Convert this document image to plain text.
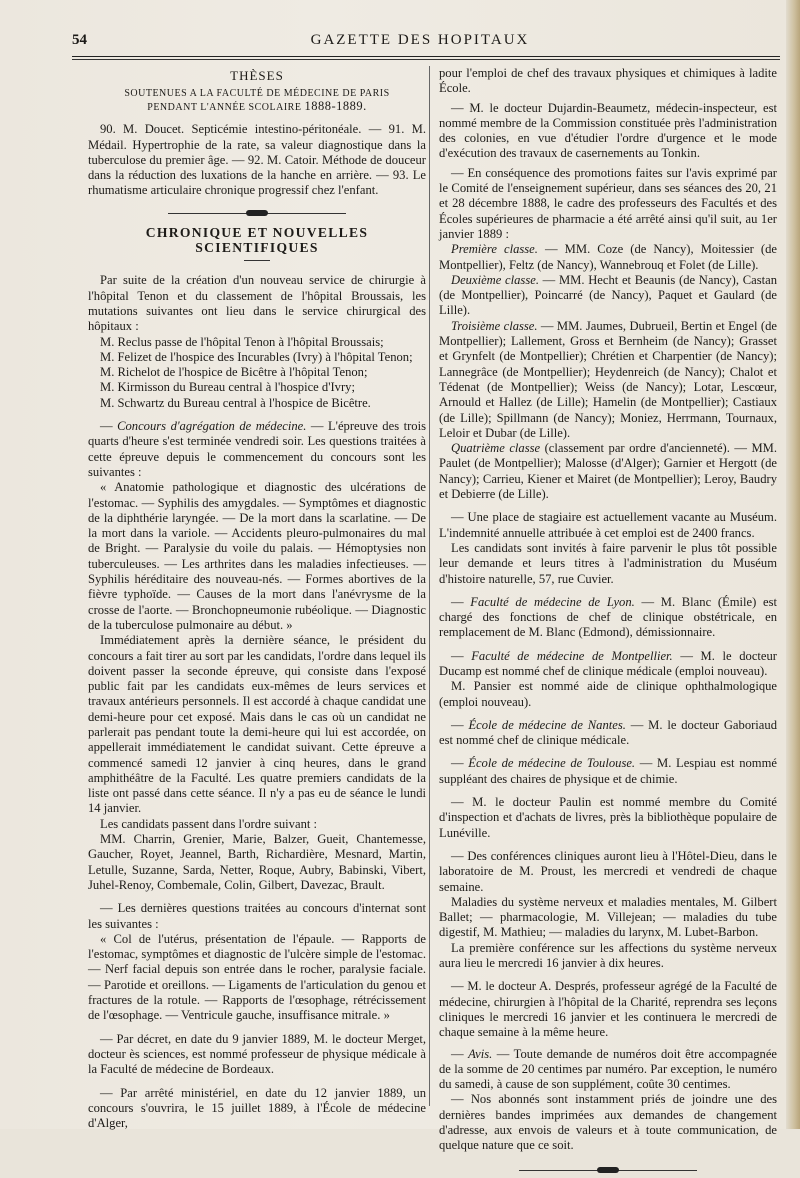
54	GAZETTE DES HOPITAUX
THÈSES
SOUTENUES A LA FACULTÉ DE MÉDECINE DE PARIS
PENDANT L'ANNÉE SCOLAIRE 1888-1889.

90. M. Doucet. Septicémie intestino-péritonéale. — 91. M. Médail. Hypertrophie de la rate, sa valeur diagnostique dans la tuberculose du premier âge. — 92. M. Catoir. Méthode de douceur dans la réduction des luxations de la hanche en arrière. — 93. Le rhumatisme articulaire chronique progressif chez l'enfant.

CHRONIQUE ET NOUVELLES SCIENTIFIQUES

Par suite de la création d'un nouveau service de chirurgie à l'hôpital Tenon et du classement de l'hôpital Broussais, les mutations suivantes ont lieu dans le service chirurgical des hôpitaux :

M. Reclus passe de l'hôpital Tenon à l'hôpital Broussais;

M. Felizet de l'hospice des Incurables (Ivry) à l'hôpital Tenon;

M. Richelot de l'hospice de Bicêtre à l'hôpital Tenon;

M. Kirmisson du Bureau central à l'hospice d'Ivry;

M. Schwartz du Bureau central à l'hospice de Bicêtre.

— Concours d'agrégation de médecine. — L'épreuve des trois quarts d'heure s'est terminée vendredi soir. Les questions traitées à cette épreuve depuis le commencement du concours sont les suivantes :

« Anatomie pathologique et diagnostic des ulcérations de l'estomac. — Syphilis des amygdales. — Symptômes et diagnostic de la diphthérie laryngée. — De la mort dans la scarlatine. — De la mort dans la variole. — Accidents pleuro-pulmonaires du mal de Bright. — Paralysie du voile du palais. — Hémoptysies non tuberculeuses. — Les arthrites dans les maladies infectieuses. — Syphilis héréditaire des nouveau-nés. — Formes abortives de la fièvre typhoïde. — Causes de la mort dans l'anévrysme de la crosse de l'aorte. — Bronchopneumonie rubéolique. — Diagnostic de la tuberculose pulmonaire au début. »

Immédiatement après la dernière séance, le président du concours a fait tirer au sort par les candidats, l'ordre dans lequel ils doivent passer la seconde épreuve, qui consiste dans l'exposé public fait par les candidats eux-mêmes de leurs services et travaux antérieurs personnels. Il est accordé à chaque candidat une demi-heure pour cet exposé. Mais dans le cas où un candidat ne parlerait pas pendant toute la demi-heure qui lui est accordée, on appellerait immédiatement le candidat suivant. Cette épreuve a commencé samedi 12 janvier à cinq heures, dans le grand amphithéâtre de la Faculté. Les quatre premiers candidats de la liste ont passé dans cette séance. Il n'y a pas eu de séance le lundi 14 janvier.

Les candidats passent dans l'ordre suivant :

MM. Charrin, Grenier, Marie, Balzer, Gueit, Chantemesse, Gaucher, Royet, Jeannel, Barth, Richardière, Mesnard, Martin, Letulle, Suzanne, Sarda, Netter, Roque, Aubry, Babinski, Vibert, Juhel-Renoy, Combemale, Colin, Gilbert, Davezac, Brault.

— Les dernières questions traitées au concours d'internat sont les suivantes :

« Col de l'utérus, présentation de l'épaule. — Rapports de l'estomac, symptômes et diagnostic de l'ulcère simple de l'estomac. — Nerf facial depuis son entrée dans le rocher, paralysie faciale. — Parotide et oreillons. — Ligaments de l'articulation du genou et fractures de la rotule. — Rapports de l'œsophage, rétrécissement de l'œsophage. — Ventricule gauche, insuffisance mitrale. »

— Par décret, en date du 9 janvier 1889, M. le docteur Merget, docteur ès sciences, est nommé professeur de physique médicale à la Faculté de médecine de Bordeaux.

— Par arrêté ministériel, en date du 12 janvier 1889, un concours s'ouvrira, le 15 juillet 1889, à l'École de médecine d'Alger,

pour l'emploi de chef des travaux physiques et chimiques à ladite École.

— M. le docteur Dujardin-Beaumetz, médecin-inspecteur, est nommé membre de la Commission constituée près l'administration des colonies, en vue d'étudier l'ordre d'urgence et le mode d'exécution des travaux de casernements au Tonkin.

— En conséquence des promotions faites sur l'avis exprimé par le Comité de l'enseignement supérieur, dans ses séances des 20, 21 et 28 décembre 1888, le cadre des professeurs des Facultés et des Écoles supérieures de pharmacie a été arrêté ainsi qu'il suit, au 1er janvier 1889 :

Première classe. — MM. Coze (de Nancy), Moitessier (de Montpellier), Feltz (de Nancy), Wannebrouq et Folet (de Lille).

Deuxième classe. — MM. Hecht et Beaunis (de Nancy), Castan (de Montpellier), Poincarré (de Nancy), Paquet et Gaulard (de Lille).

Troisième classe. — MM. Jaumes, Dubrueil, Bertin et Engel (de Montpellier); Lallement, Gross et Bernheim (de Nancy); Grasset et Grynfelt (de Montpellier); Chrétien et Charpentier (de Nancy); Lannegrâce (de Montpellier); Heydenreich (de Nancy); Chalot et Tédenat (de Montpellier); Weiss (de Nancy); Lotar, Lescœur, Arnould et Hallez (de Lille); Hamelin (de Montpellier); Castiaux (de Lille); Spillmann (de Nancy); Moniez, Herrmann, Tournaux, Leloir et Dubar (de Lille).

Quatrième classe (classement par ordre d'ancienneté). — MM. Paulet (de Montpellier); Malosse (d'Alger); Garnier et Hergott (de Nancy); Carrieu, Kiener et Mairet (de Montpellier); Leroy, Baudry et Debierre (de Lille).

— Une place de stagiaire est actuellement vacante au Muséum. L'indemnité annuelle attribuée à cet emploi est de 2400 francs.

Les candidats sont invités à faire parvenir le plus tôt possible leur demande et leurs titres à l'administration du Muséum d'histoire naturelle, 57, rue Cuvier.

— Faculté de médecine de Lyon. — M. Blanc (Émile) est chargé des fonctions de chef de clinique obstétricale, en remplacement de M. Blanc (Edmond), démissionnaire.

— Faculté de médecine de Montpellier. — M. le docteur Ducamp est nommé chef de clinique médicale (emploi nouveau).

M. Pansier est nommé aide de clinique ophthalmologique (emploi nouveau).

— École de médecine de Nantes. — M. le docteur Gaboriaud est nommé chef de clinique médicale.

— École de médecine de Toulouse. — M. Lespiau est nommé suppléant des chaires de physique et de chimie.

— M. le docteur Paulin est nommé membre du Comité d'inspection et d'achats de livres, près la bibliothèque populaire de Lunéville.

— Des conférences cliniques auront lieu à l'Hôtel-Dieu, dans le laboratoire de M. Proust, les mercredi et vendredi de chaque semaine.

Maladies du système nerveux et maladies mentales, M. Gilbert Ballet; — pharmacologie, M. Villejean; — maladies du tube digestif, M. Mathieu; — maladies du larynx, M. Lubet-Barbon.

La première conférence sur les affections du système nerveux aura lieu le mercredi 16 janvier à dix heures.

— M. le docteur A. Després, professeur agrégé de la Faculté de médecine, chirurgien à l'hôpital de la Charité, reprendra ses leçons cliniques le mercredi 16 janvier et les continuera le mercredi de chaque semaine à la même heure.

— Avis. — Toute demande de numéros doit être accompagnée de la somme de 20 centimes par numéro. Par exception, le numéro du samedi, à cause de son supplément, coûte 30 centimes.

— Nos abonnés sont instamment priés de joindre une des dernières bandes imprimées aux demandes de changement d'adresse, aux envois de valeurs et à toute communication, de quelque nature que ce soit.
